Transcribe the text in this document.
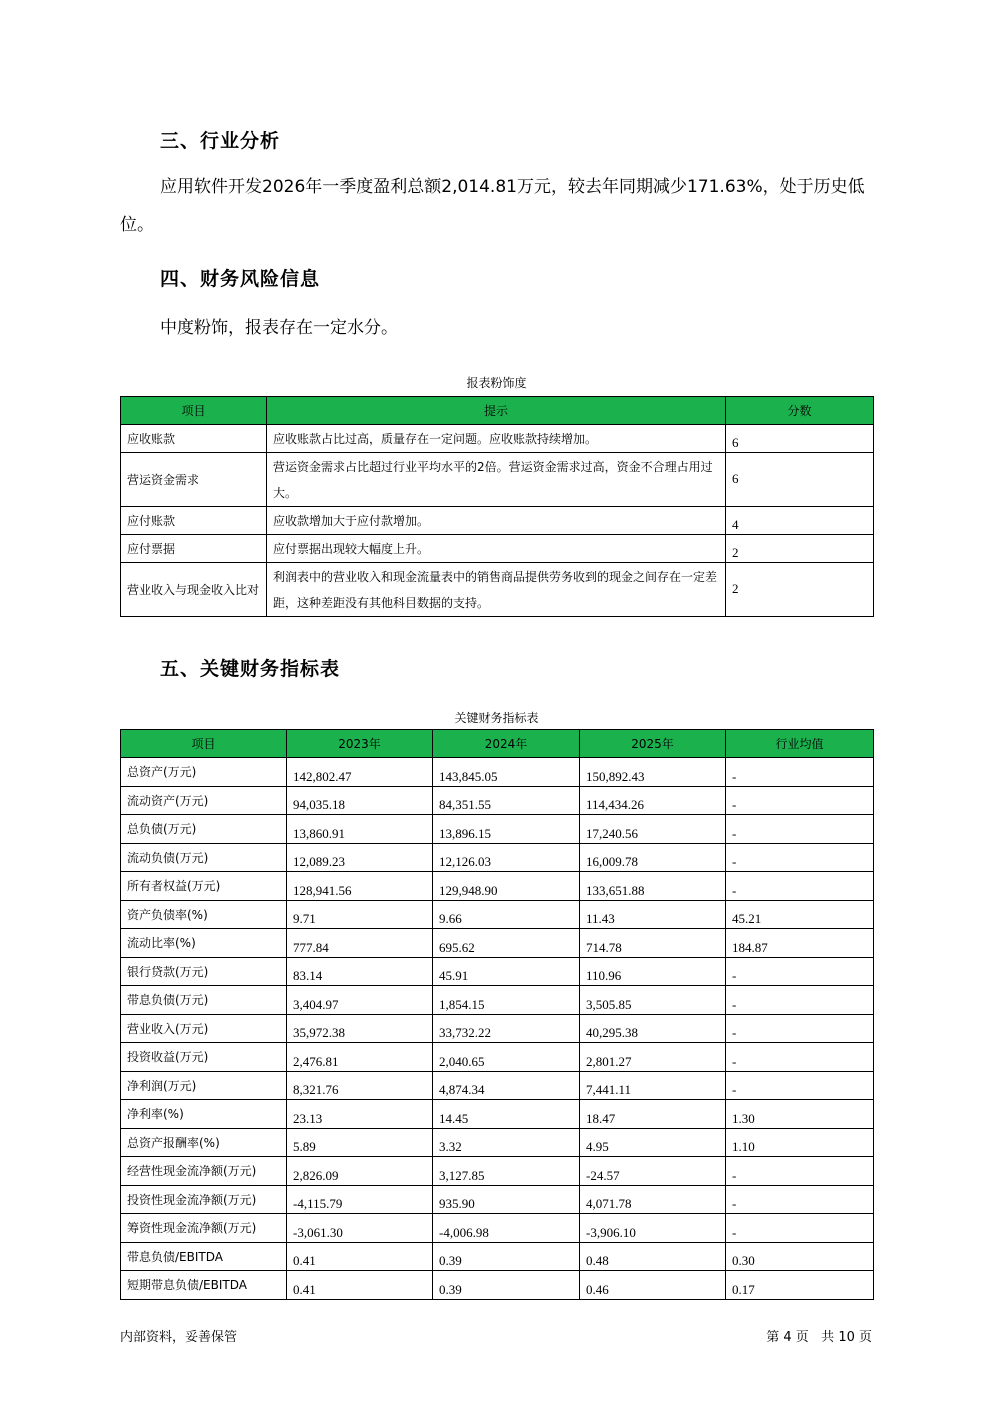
三、行业分析
应用软件开发2026年一季度盈利总额2,014.81万元，较去年同期减少171.63%，处于历史低位。
四、财务风险信息
中度粉饰，报表存在一定水分。
报表粉饰度
项目	提示	分数
应收账款	应收账款占比过高，质量存在一定问题。应收账款持续增加。	6
营运资金需求	营运资金需求占比超过行业平均水平的2倍。营运资金需求过高，资金不合理占用过大。	6
应付账款	应收款增加大于应付款增加。	4
应付票据	应付票据出现较大幅度上升。	2
营业收入与现金收入比对	利润表中的营业收入和现金流量表中的销售商品提供劳务收到的现金之间存在一定差距，这种差距没有其他科目数据的支持。	2
五、关键财务指标表
关键财务指标表
项目	2023年	2024年	2025年	行业均值
总资产(万元)	142,802.47	143,845.05	150,892.43	-
流动资产(万元)	94,035.18	84,351.55	114,434.26	-
总负债(万元)	13,860.91	13,896.15	17,240.56	-
流动负债(万元)	12,089.23	12,126.03	16,009.78	-
所有者权益(万元)	128,941.56	129,948.90	133,651.88	-
资产负债率(%)	9.71	9.66	11.43	45.21
流动比率(%)	777.84	695.62	714.78	184.87
银行贷款(万元)	83.14	45.91	110.96	-
带息负债(万元)	3,404.97	1,854.15	3,505.85	-
营业收入(万元)	35,972.38	33,732.22	40,295.38	-
投资收益(万元)	2,476.81	2,040.65	2,801.27	-
净利润(万元)	8,321.76	4,874.34	7,441.11	-
净利率(%)	23.13	14.45	18.47	1.30
总资产报酬率(%)	5.89	3.32	4.95	1.10
经营性现金流净额(万元)	2,826.09	3,127.85	-24.57	-
投资性现金流净额(万元)	-4,115.79	935.90	4,071.78	-
筹资性现金流净额(万元)	-3,061.30	-4,006.98	-3,906.10	-
带息负债/EBITDA	0.41	0.39	0.48	0.30
短期带息负债/EBITDA	0.41	0.39	0.46	0.17
内部资料，妥善保管	第 4 页   共 10 页
